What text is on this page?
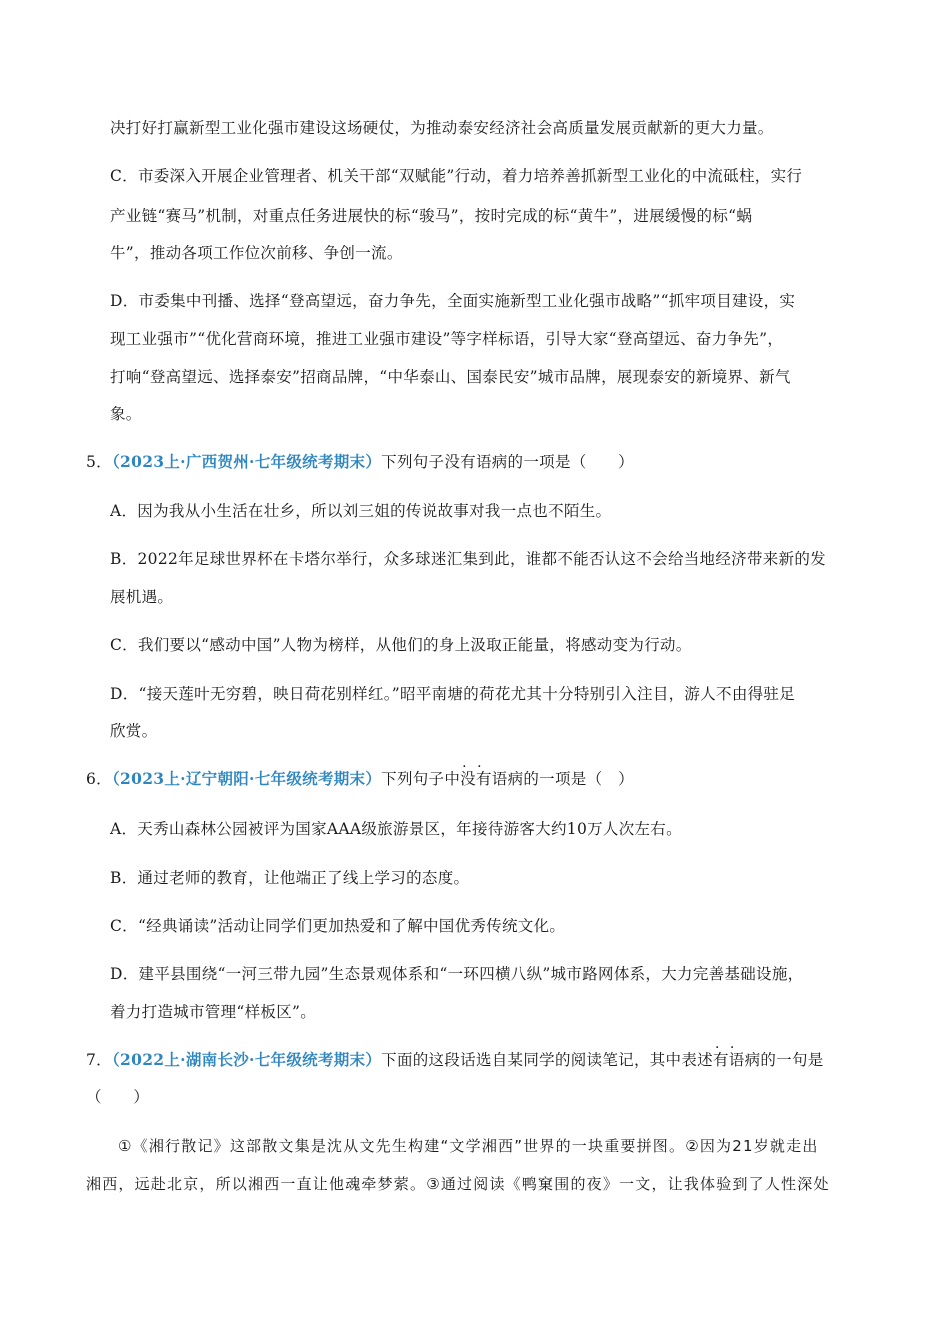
决打好打赢新型工业化强市建设这场硬仗，为推动泰安经济社会高质量发展贡献新的更大力量。
C．市委深入开展企业管理者、机关干部“双赋能”行动，着力培养善抓新型工业化的中流砥柱，实行
产业链“赛马”机制，对重点任务进展快的标“骏马”，按时完成的标“黄牛”，进展缓慢的标“蜗
牛”，推动各项工作位次前移、争创一流。
D．市委集中刊播、选择“登高望远，奋力争先，全面实施新型工业化强市战略”“抓牢项目建设，实
现工业强市”“优化营商环境，推进工业强市建设”等字样标语，引导大家“登高望远、奋力争先”，
打响“登高望远、选择泰安”招商品牌，“中华泰山、国泰民安”城市品牌，展现泰安的新境界、新气
象。
5．（2023上·广西贺州·七年级统考期末）下列句子没有语病的一项是（　　）
A．因为我从小生活在壮乡，所以刘三姐的传说故事对我一点也不陌生。
B．2022年足球世界杯在卡塔尔举行，众多球迷汇集到此，谁都不能否认这不会给当地经济带来新的发
展机遇。
C．我们要以“感动中国”人物为榜样，从他们的身上汲取正能量，将感动变为行动。
D．“接天莲叶无穷碧，映日荷花别样红。”昭平南塘的荷花尤其十分特别引入注目，游人不由得驻足
欣赏。
6．（2023上·辽宁朝阳·七年级统考期末）下列句子中· · 没有语病的一项是（　）
A．天秀山森林公园被评为国家AAA级旅游景区，年接待游客大约10万人次左右。
B．通过老师的教育，让他端正了线上学习的态度。
C．“经典诵读”活动让同学们更加热爱和了解中国优秀传统文化。
D．建平县围绕“一河三带九园”生态景观体系和“一环四横八纵”城市路网体系，大力完善基础设施，
着力打造城市管理“样板区”。
7．（2022上·湖南长沙·七年级统考期末）下面的这段话选自某同学的阅读笔记，其中表述· · 有语病的一句是
（　　）
①《湘行散记》这部散文集是沈从文先生构建“文学湘西”世界的一块重要拼图。②因为21岁就走出
湘西，远赴北京，所以湘西一直让他魂牵梦萦。③通过阅读《鸭窠围的夜》一文，让我体验到了人性深处
